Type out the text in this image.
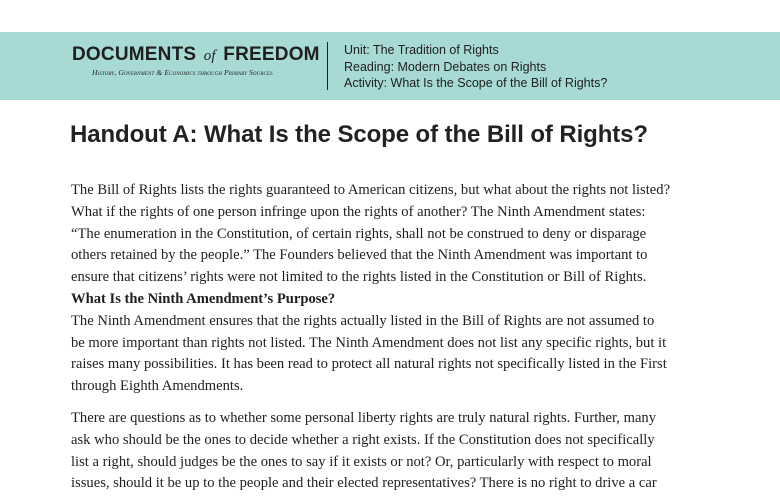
DOCUMENTS of FREEDOM
History, Government & Economics through Primary Sources
Unit: The Tradition of Rights
Reading: Modern Debates on Rights
Activity: What Is the Scope of the Bill of Rights?
Handout A: What Is the Scope of the Bill of Rights?

The Bill of Rights lists the rights guaranteed to American citizens, but what about the rights not listed?

What if the rights of one person infringe upon the rights of another? The Ninth Amendment states:

“The enumeration in the Constitution, of certain rights, shall not be construed to deny or disparage

others retained by the people.” The Founders believed that the Ninth Amendment was important to

ensure that citizens’ rights were not limited to the rights listed in the Constitution or Bill of Rights.

What Is the Ninth Amendment’s Purpose?

The Ninth Amendment ensures that the rights actually listed in the Bill of Rights are not assumed to

be more important than rights not listed. The Ninth Amendment does not list any specific rights, but it

raises many possibilities. It has been read to protect all natural rights not specifically listed in the First

through Eighth Amendments.

There are questions as to whether some personal liberty rights are truly natural rights. Further, many

ask who should be the ones to decide whether a right exists. If the Constitution does not specifically

list a right, should judges be the ones to say if it exists or not? Or, particularly with respect to moral

issues, should it be up to the people and their elected representatives? There is no right to drive a car
